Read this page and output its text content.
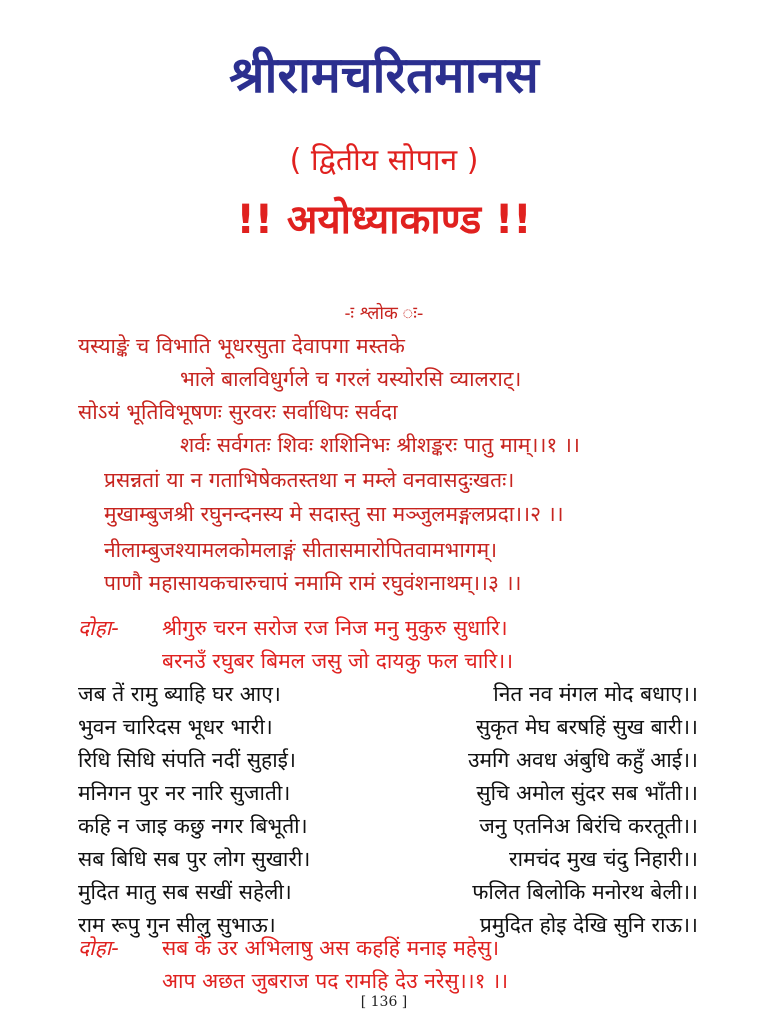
श्रीरामचरितमानस
( द्वितीय सोपान )
!! अयोध्याकाण्ड !!
-ः श्लोक ः-
यस्याङ्के च विभाति भूधरसुता देवापगा मस्तके
भाले बालविधुर्गले च गरलं यस्योरसि व्यालराट्।
सोऽयं भूतिविभूषणः सुरवरः सर्वाधिपः सर्वदा
शर्वः सर्वगतः शिवः शशिनिभः श्रीशङ्करः पातु माम्।।१ ।।
प्रसन्नतां या न गताभिषेकतस्तथा न मम्ले वनवासदुःखतः।
मुखाम्बुजश्री रघुनन्दनस्य मे सदास्तु सा मञ्जुलमङ्गलप्रदा।।२ ।।
नीलाम्बुजश्यामलकोमलाङ्गं सीतासमारोपितवामभागम्।
पाणौ महासायकचारुचापं नमामि रामं रघुवंशनाथम्।।३ ।।
दोहा- श्रीगुरु चरन सरोज रज निज मनु मुकुरु सुधारि।
बरनउँ रघुबर बिमल जसु जो दायकु फल चारि।।
जब तें रामु ब्याहि घर आए।	नित नव मंगल मोद बधाए।।
भुवन चारिदस भूधर भारी।	सुकृत मेघ बरषहिं सुख बारी।।
रिधि सिधि संपति नदीं सुहाई।	उमगि अवध अंबुधि कहुँ आई।।
मनिगन पुर नर नारि सुजाती।	सुचि अमोल सुंदर सब भाँती।।
कहि न जाइ कछु नगर बिभूती।	जनु एतनिअ बिरंचि करतूती।।
सब बिधि सब पुर लोग सुखारी।	रामचंद मुख चंदु निहारी।।
मुदित मातु सब सखीं सहेली।	फलित बिलोकि मनोरथ बेली।।
राम रूपु गुन सीलु सुभाऊ।	प्रमुदित होइ देखि सुनि राऊ।।
दोहा- सब कें उर अभिलाषु अस कहहिं मनाइ महेसु।
आप अछत जुबराज पद रामहि देउ नरेसु।।१ ।।
[ 136 ]
